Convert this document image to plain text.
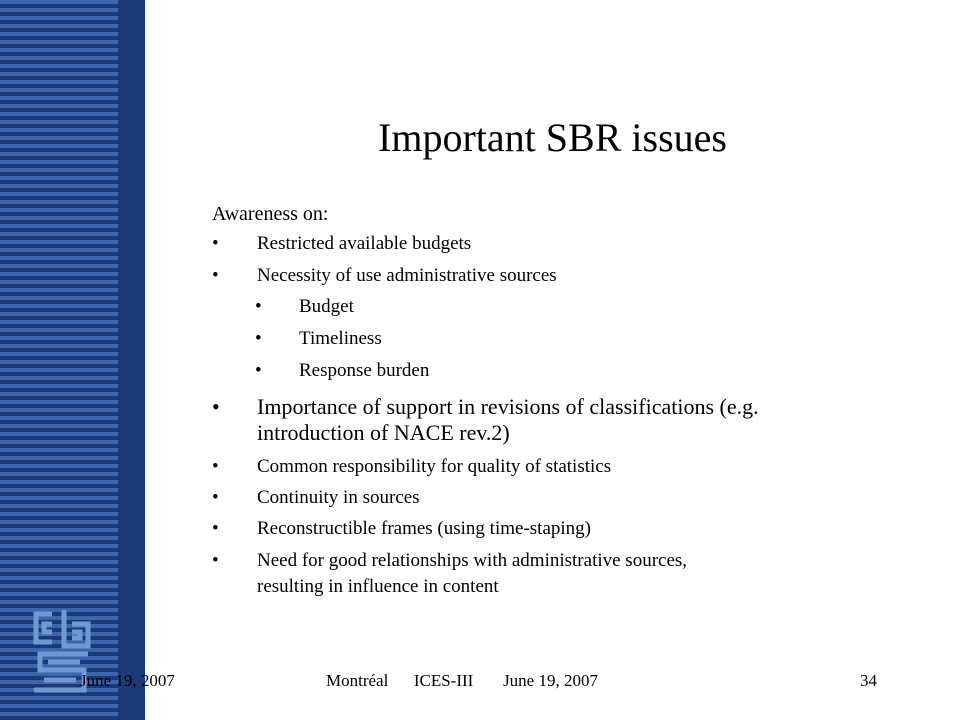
Important SBR issues
Awareness on:
• Restricted available budgets
• Necessity of use administrative sources
• Budget
• Timeliness
• Response burden
• Importance of support in revisions of classifications (e.g.
introduction of NACE rev.2)
• Common responsibility for quality of statistics
• Continuity in sources
• Reconstructible frames (using time-staping)
• Need for good relationships with administrative sources,
resulting in influence in content
June 19, 2007	Montréal ICES-III June 19, 2007	34
